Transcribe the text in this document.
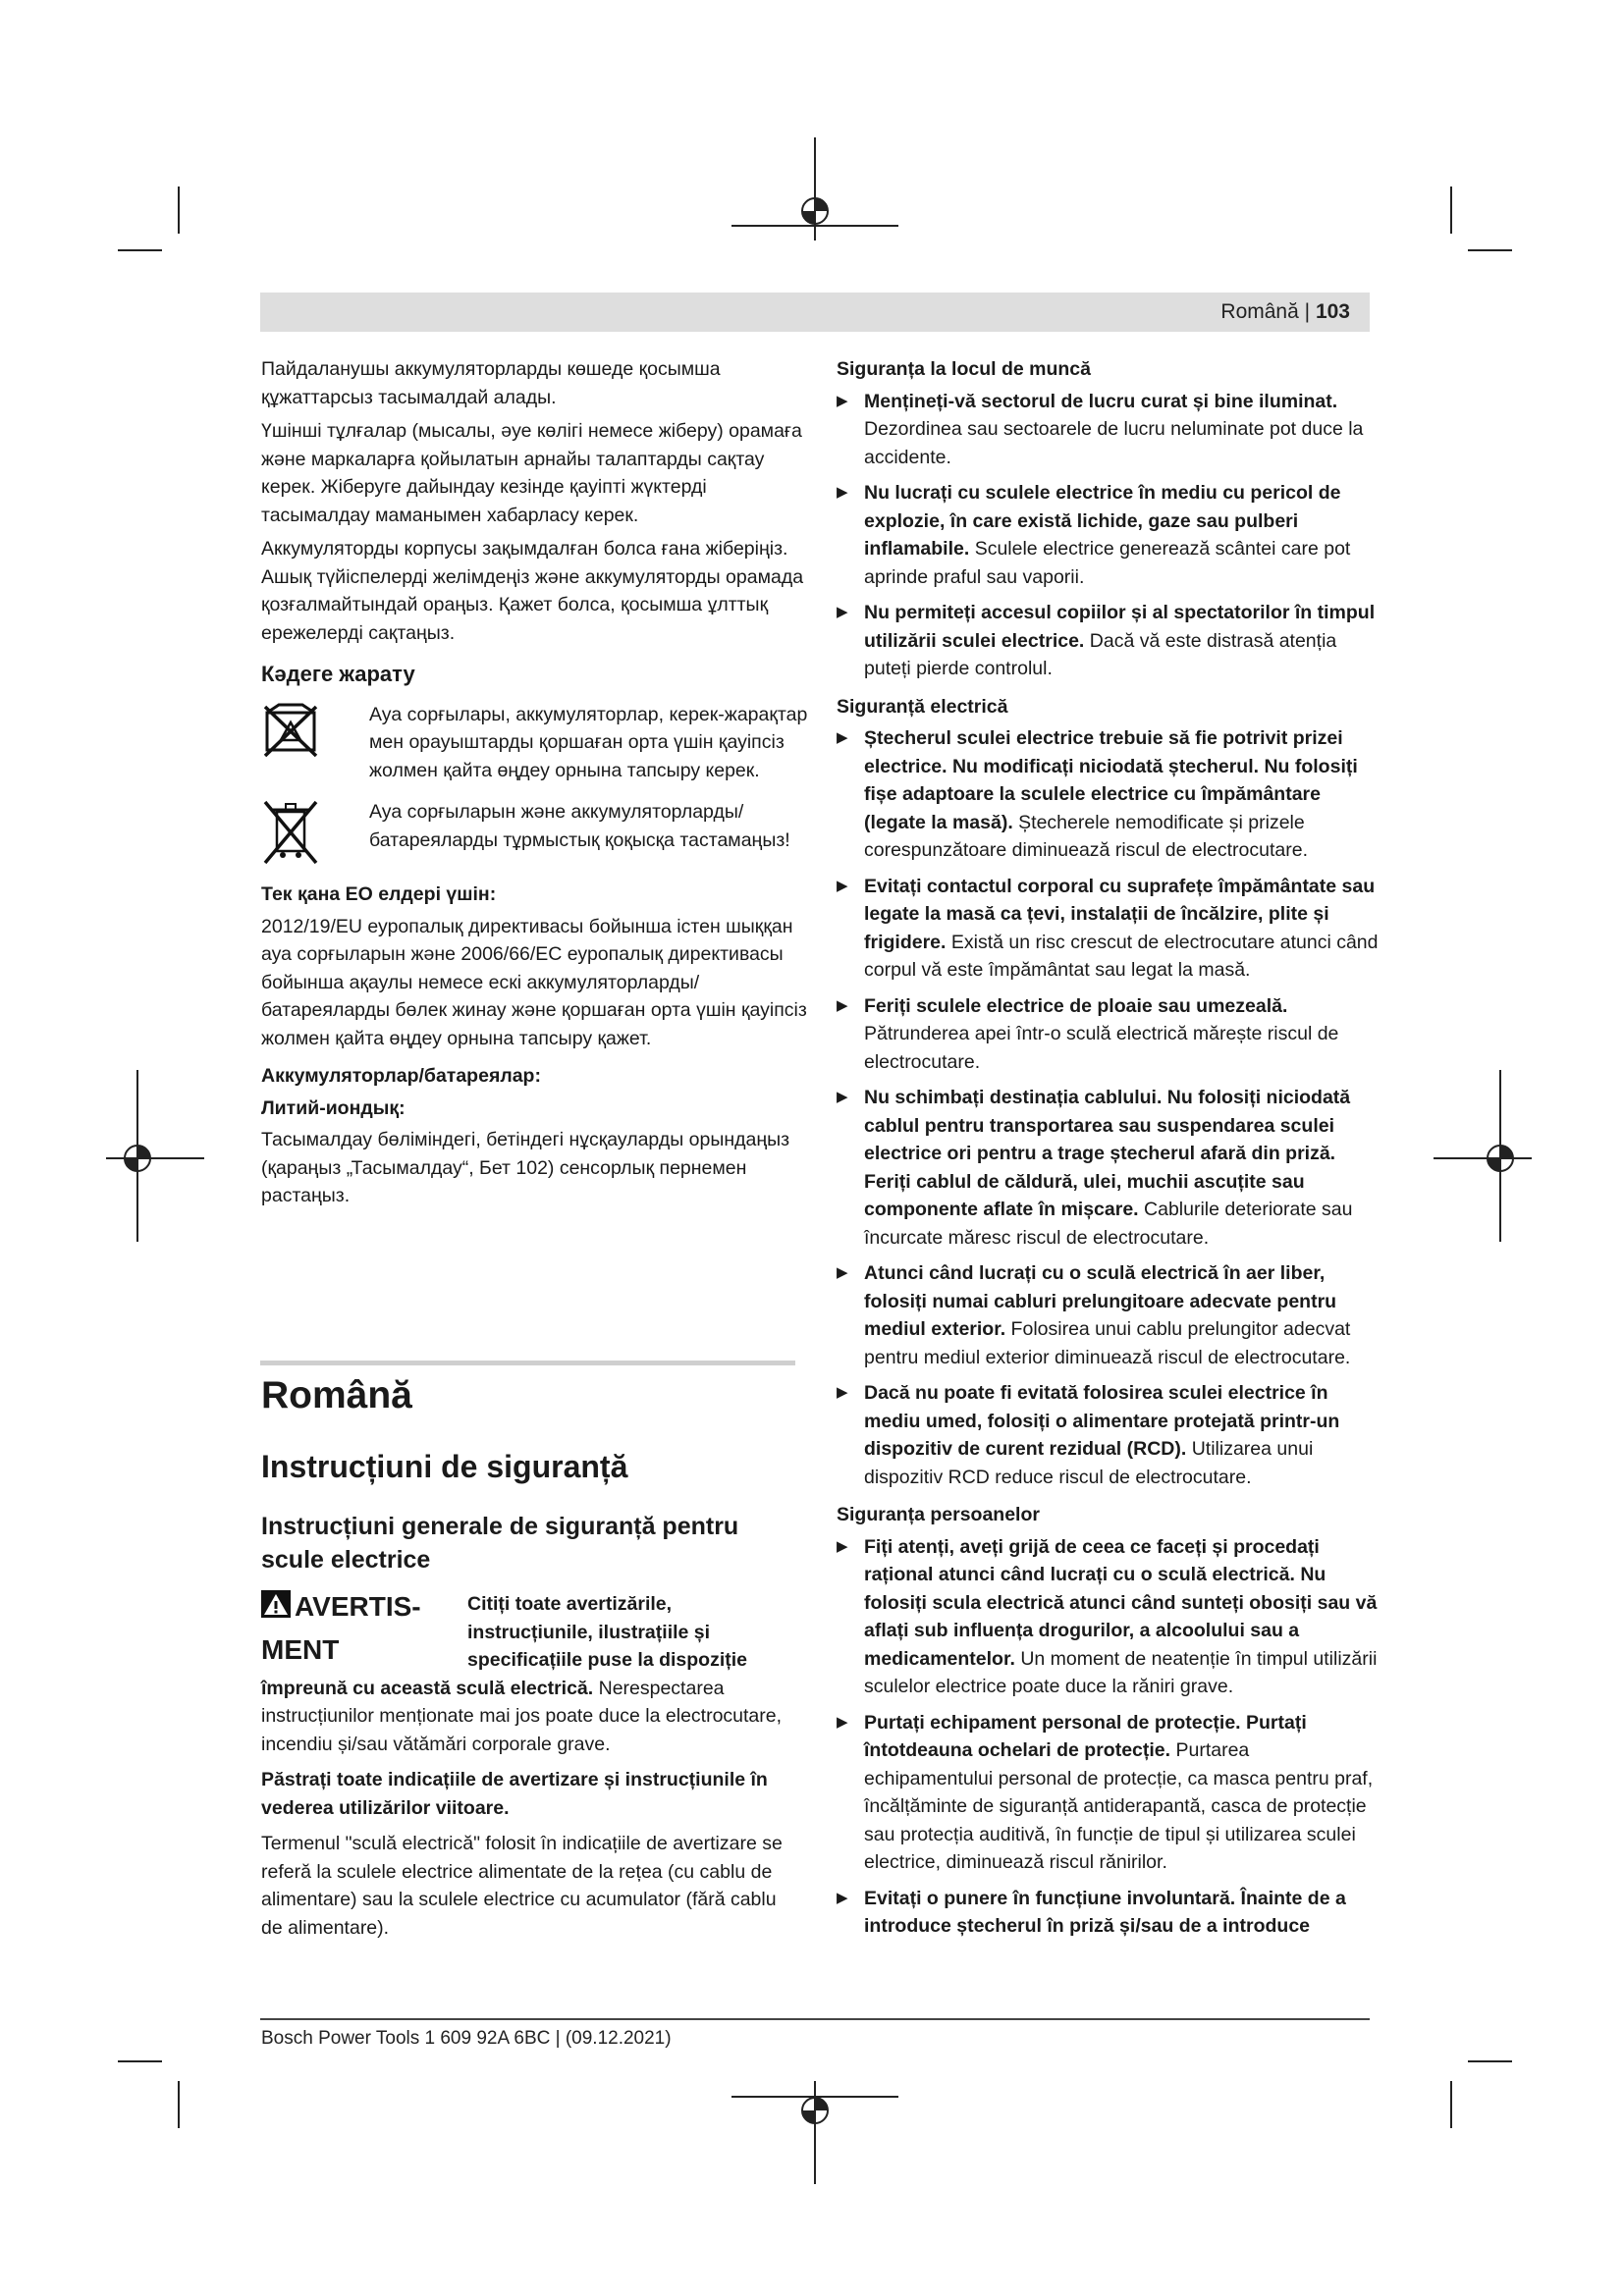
Română | 103

Пайдаланушы аккумуляторларды көшеде қосымша құжаттарсыз тасымалдай алады.

Үшінші тұлғалар (мысалы, әуе көлігі немесе жіберу) орамаға және маркаларға қойылатын арнайы талаптарды сақтау керек. Жіберуге дайындау кезінде қауіпті жүктерді тасымалдау маманымен хабарласу керек.

Аккумуляторды корпусы зақымдалған болса ғана жіберіңіз. Ашық түйіспелерді желімдеңіз және аккумуляторды орамада қозғалмайтындай ораңыз. Қажет болса, қосымша ұлттық ережелерді сақтаңыз.

Кәдеге жарату
Ауа сорғылары, аккумуляторлар, керек-жарақтар мен орауыштарды қоршаған орта үшін қауіпсіз жолмен қайта өңдеу орнына тапсыру керек.
Ауа сорғыларын және аккумуляторларды/батареяларды тұрмыстық қоқысқа тастамаңыз!
Тек қана ЕО елдері үшін:

2012/19/EU еуропалық директивасы бойынша істен шыққан ауа сорғыларын және 2006/66/EC еуропалық директивасы бойынша ақаулы немесе ескі аккумуляторларды/батареяларды бөлек жинау және қоршаған орта үшін қауіпсіз жолмен қайта өңдеу орнына тапсыру қажет.

Аккумуляторлар/батареялар:
Литий-иондық:

Тасымалдау бөліміндегі, бетіндегі нұсқауларды орындаңыз (қараңыз „Тасымалдау“, Бет 102) сенсорлық пернемен растаңыз.

Română
Instrucțiuni de siguranță
Instrucțiuni generale de siguranță pentru scule electrice
AVERTIS-
MENT
Citiți toate avertizările, instrucțiunile, ilustrațiile și specificațiile puse la dispoziție

împreună cu această sculă electrică. Nerespectarea instrucțiunilor menționate mai jos poate duce la electrocutare, incendiu și/sau vătămări corporale grave.

Păstrați toate indicațiile de avertizare și instrucțiunile în vederea utilizărilor viitoare.

Termenul "sculă electrică" folosit în indicațiile de avertizare se referă la sculele electrice alimentate de la rețea (cu cablu de alimentare) sau la sculele electrice cu acumulator (fără cablu de alimentare).

Siguranța la locul de muncă
▶ Mențineți-vă sectorul de lucru curat și bine iluminat. Dezordinea sau sectoarele de lucru neluminate pot duce la accidente.
▶ Nu lucrați cu sculele electrice în mediu cu pericol de explozie, în care există lichide, gaze sau pulberi inflamabile. Sculele electrice generează scântei care pot aprinde praful sau vaporii.
▶ Nu permiteți accesul copiilor și al spectatorilor în timpul utilizării sculei electrice. Dacă vă este distrasă atenția puteți pierde controlul.
Siguranță electrică
▶ Ștecherul sculei electrice trebuie să fie potrivit prizei electrice. Nu modificați niciodată ștecherul. Nu folosiți fișe adaptoare la sculele electrice cu împământare (legate la masă). Ștecherele nemodificate și prizele corespunzătoare diminuează riscul de electrocutare.
▶ Evitați contactul corporal cu suprafețe împământate sau legate la masă ca țevi, instalații de încălzire, plite și frigidere. Există un risc crescut de electrocutare atunci când corpul vă este împământat sau legat la masă.
▶ Feriți sculele electrice de ploaie sau umezeală. Pătrunderea apei într-o sculă electrică mărește riscul de electrocutare.
▶ Nu schimbați destinația cablului. Nu folosiți niciodată cablul pentru transportarea sau suspendarea sculei electrice ori pentru a trage ștecherul afară din priză. Feriți cablul de căldură, ulei, muchii ascuțite sau componente aflate în mișcare. Cablurile deteriorate sau încurcate măresc riscul de electrocutare.
▶ Atunci când lucrați cu o sculă electrică în aer liber, folosiți numai cabluri prelungitoare adecvate pentru mediul exterior. Folosirea unui cablu prelungitor adecvat pentru mediul exterior diminuează riscul de electrocutare.
▶ Dacă nu poate fi evitată folosirea sculei electrice în mediu umed, folosiți o alimentare protejată printr-un dispozitiv de curent rezidual (RCD). Utilizarea unui dispozitiv RCD reduce riscul de electrocutare.
Siguranța persoanelor
▶ Fiți atenți, aveți grijă de ceea ce faceți și procedați rațional atunci când lucrați cu o sculă electrică. Nu folosiți scula electrică atunci când sunteți obosiți sau vă aflați sub influența drogurilor, a alcoolului sau a medicamentelor. Un moment de neatenție în timpul utilizării sculelor electrice poate duce la răniri grave.
▶ Purtați echipament personal de protecție. Purtați întotdeauna ochelari de protecție. Purtarea echipamentului personal de protecție, ca masca pentru praf, încălțăminte de siguranță antiderapantă, casca de protecție sau protecția auditivă, în funcție de tipul și utilizarea sculei electrice, diminuează riscul rănirilor.
▶ Evitați o punere în funcțiune involuntară. Înainte de a introduce ștecherul în priză și/sau de a introduce
Bosch Power Tools 1 609 92A 6BC | (09.12.2021)
